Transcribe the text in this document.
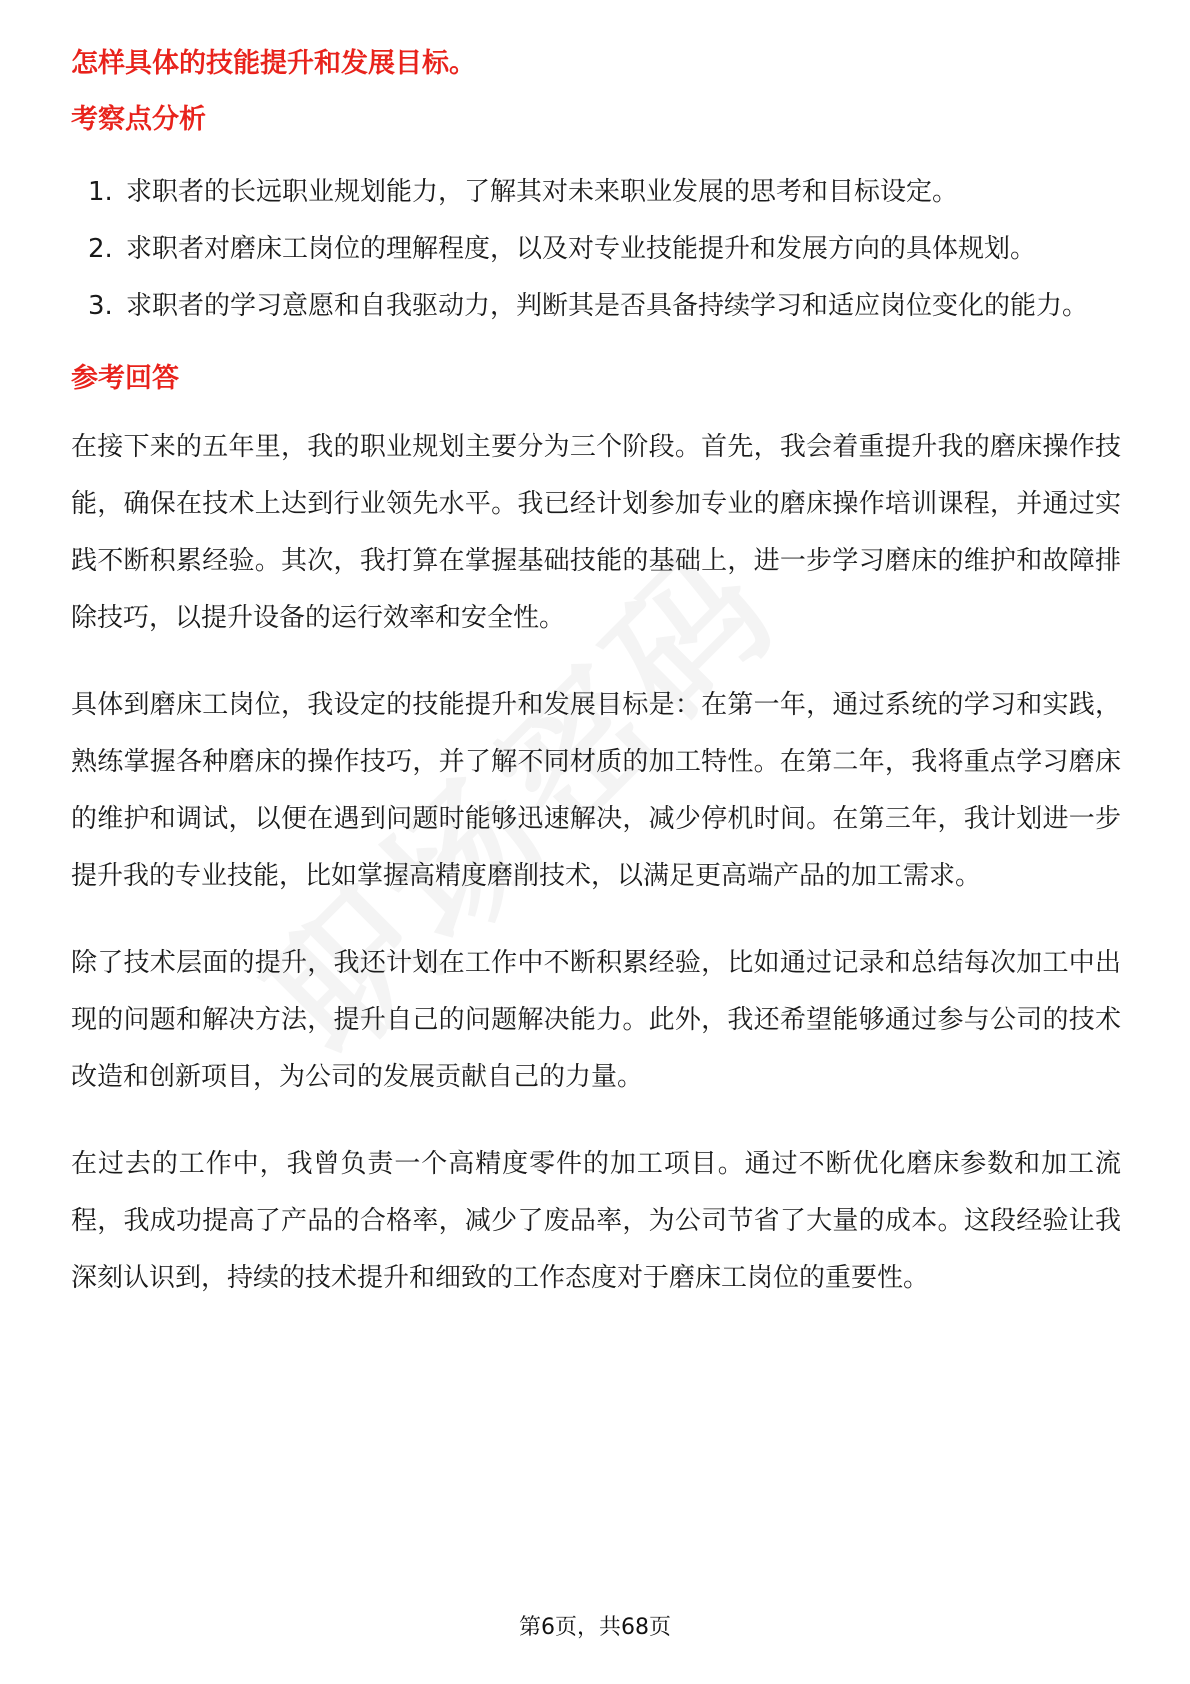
怎样具体的技能提升和发展目标。
考察点分析
1. 求职者的长远职业规划能力，了解其对未来职业发展的思考和目标设定。
2. 求职者对磨床工岗位的理解程度，以及对专业技能提升和发展方向的具体规划。
3. 求职者的学习意愿和自我驱动力，判断其是否具备持续学习和适应岗位变化的能力。
参考回答

在接下来的五年里，我的职业规划主要分为三个阶段。首先，我会着重提升我的磨床操作技能，确保在技术上达到行业领先水平。我已经计划参加专业的磨床操作培训课程，并通过实践不断积累经验。其次，我打算在掌握基础技能的基础上，进一步学习磨床的维护和故障排除技巧，以提升设备的运行效率和安全性。

具体到磨床工岗位，我设定的技能提升和发展目标是：在第一年，通过系统的学习和实践，熟练掌握各种磨床的操作技巧，并了解不同材质的加工特性。在第二年，我将重点学习磨床的维护和调试，以便在遇到问题时能够迅速解决，减少停机时间。在第三年，我计划进一步提升我的专业技能，比如掌握高精度磨削技术，以满足更高端产品的加工需求。

除了技术层面的提升，我还计划在工作中不断积累经验，比如通过记录和总结每次加工中出现的问题和解决方法，提升自己的问题解决能力。此外，我还希望能够通过参与公司的技术改造和创新项目，为公司的发展贡献自己的力量。

在过去的工作中，我曾负责一个高精度零件的加工项目。通过不断优化磨床参数和加工流程，我成功提高了产品的合格率，减少了废品率，为公司节省了大量的成本。这段经验让我深刻认识到，持续的技术提升和细致的工作态度对于磨床工岗位的重要性。

第6页，共68页
